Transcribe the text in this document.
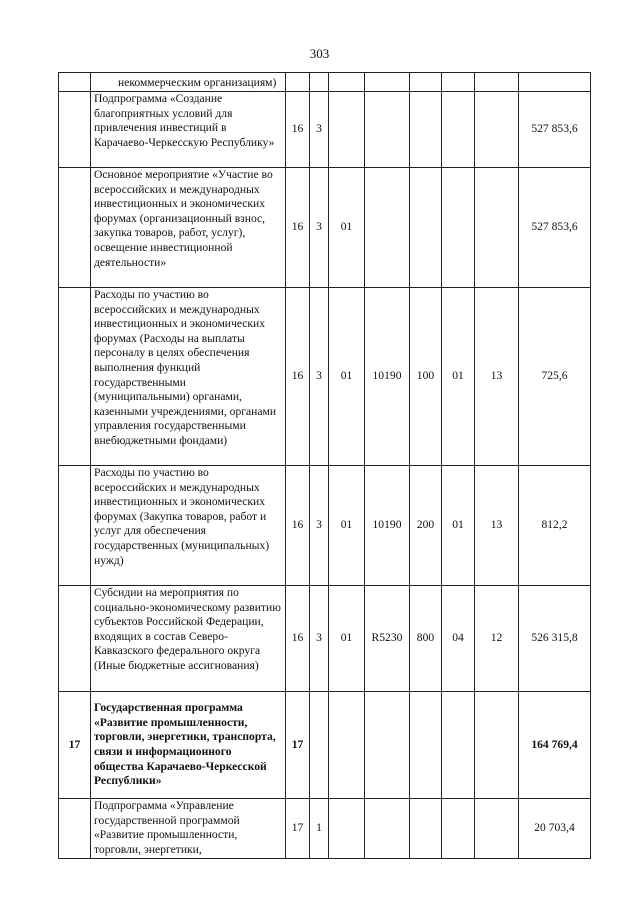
303
	некоммерческим организациям)								
	Подпрограмма «Создание благоприятных условий для привлечения инвестиций в Карачаево-Черкесскую Республику»	16	3						527 853,6
	Основное мероприятие «Участие во всероссийских и международных инвестиционных и экономических форумах (организационный взнос, закупка товаров, работ, услуг), освещение инвестиционной деятельности»	16	3	01					527 853,6
	Расходы по участию во всероссийских и международных инвестиционных и экономических форумах (Расходы на выплаты персоналу в целях обеспечения выполнения функций государственными (муниципальными) органами, казенными учреждениями, органами управления государственными внебюджетными фондами)	16	3	01	10190	100	01	13	725,6
	Расходы по участию во всероссийских и международных инвестиционных и экономических форумах (Закупка товаров, работ и услуг для обеспечения государственных (муниципальных) нужд)	16	3	01	10190	200	01	13	812,2
	Субсидии на мероприятия по социально-экономическому развитию субъектов Российской Федерации, входящих в состав Северо-Кавказского федерального округа (Иные бюджетные ассигнования)	16	3	01	R5230	800	04	12	526 315,8
17	Государственная программа «Развитие промышленности, торговли, энергетики, транспорта, связи и информационного общества Карачаево-Черкесской Республики»	17							164 769,4
	Подпрограмма «Управление государственной программой «Развитие промышленности, торговли, энергетики,	17	1						20 703,4
